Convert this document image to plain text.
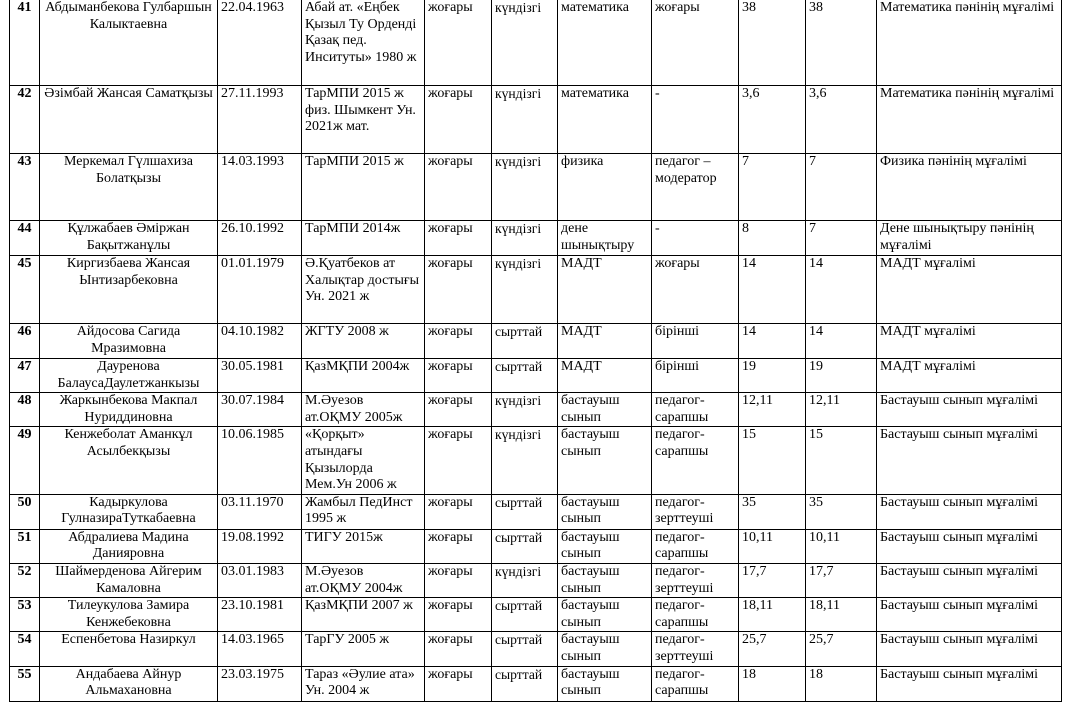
41	Абдыманбекова Гулбаршын Калыктаевна	22.04.1963	Абай ат. «Еңбек Қызыл Ту Орденді Қазақ пед. Инситуты» 1980 ж	жоғары	күндізгі	математика	жоғары	38	38	Математика пәнінің мұғалімі
42	Әзімбай Жансая Саматқызы	27.11.1993	ТарМПИ 2015 ж физ. Шымкент Ун. 2021ж мат.	жоғары	күндізгі	математика	-	3,6	3,6	Математика пәнінің мұғалімі
43	Меркемал Гүлшахиза Болатқызы	14.03.1993	ТарМПИ 2015 ж	жоғары	күндізгі	физика	педагог – модератор	7	7	Физика пәнінің мұғалімі
44	Құлжабаев Әміржан Бақытжанұлы	26.10.1992	ТарМПИ 2014ж	жоғары	күндізгі	дене шынықтыру	-	8	7	Дене шынықтыру пәнінің мұғалімі
45	Киргизбаева Жансая Ынтизарбековна	01.01.1979	Ә.Қуатбеков ат Халықтар достығы Ун. 2021 ж	жоғары	күндізгі	МАДТ	жоғары	14	14	МАДТ мұғалімі
46	Айдосова Сагида Мразимовна	04.10.1982	ЖГТУ 2008 ж	жоғары	сырттай	МАДТ	бірінші	14	14	МАДТ мұғалімі
47	Дауренова БалаусаДаулетжанкызы	30.05.1981	ҚазМҚПИ 2004ж	жоғары	сырттай	МАДТ	бірінші	19	19	МАДТ мұғалімі
48	Жаркынбекова Макпал Нуриддиновна	30.07.1984	М.Әуезов ат.ОҚМУ 2005ж	жоғары	күндізгі	бастауыш сынып	педагог-сарапшы	12,11	12,11	Бастауыш сынып мұғалімі
49	Кенжеболат Аманкұл Асылбекқызы	10.06.1985	«Қорқыт» атындағы Қызылорда Мем.Ун 2006 ж	жоғары	күндізгі	бастауыш сынып	педагог-сарапшы	15	15	Бастауыш сынып мұғалімі
50	Кадыркулова ГулназираТуткабаевна	03.11.1970	Жамбыл ПедИнст 1995 ж	жоғары	сырттай	бастауыш сынып	педагог-зерттеуші	35	35	Бастауыш сынып мұғалімі
51	Абдралиева Мадина Данияровна	19.08.1992	ТИГУ 2015ж	жоғары	сырттай	бастауыш сынып	педагог-сарапшы	10,11	10,11	Бастауыш сынып мұғалімі
52	Шаймерденова Айгерим Камаловна	03.01.1983	М.Әуезов ат.ОҚМУ 2004ж	жоғары	күндізгі	бастауыш сынып	педагог-зерттеуші	17,7	17,7	Бастауыш сынып мұғалімі
53	Тилеукулова Замира Кенжебековна	23.10.1981	ҚазМҚПИ 2007 ж	жоғары	сырттай	бастауыш сынып	педагог-сарапшы	18,11	18,11	Бастауыш сынып мұғалімі
54	Еспенбетова Назиркул	14.03.1965	ТарГУ 2005 ж	жоғары	сырттай	бастауыш сынып	педагог-зерттеуші	25,7	25,7	Бастауыш сынып мұғалімі
55	Андабаева Айнур Альмахановна	23.03.1975	Тараз «Әулие ата» Ун. 2004 ж	жоғары	сырттай	бастауыш сынып	педагог-сарапшы	18	18	Бастауыш сынып мұғалімі
